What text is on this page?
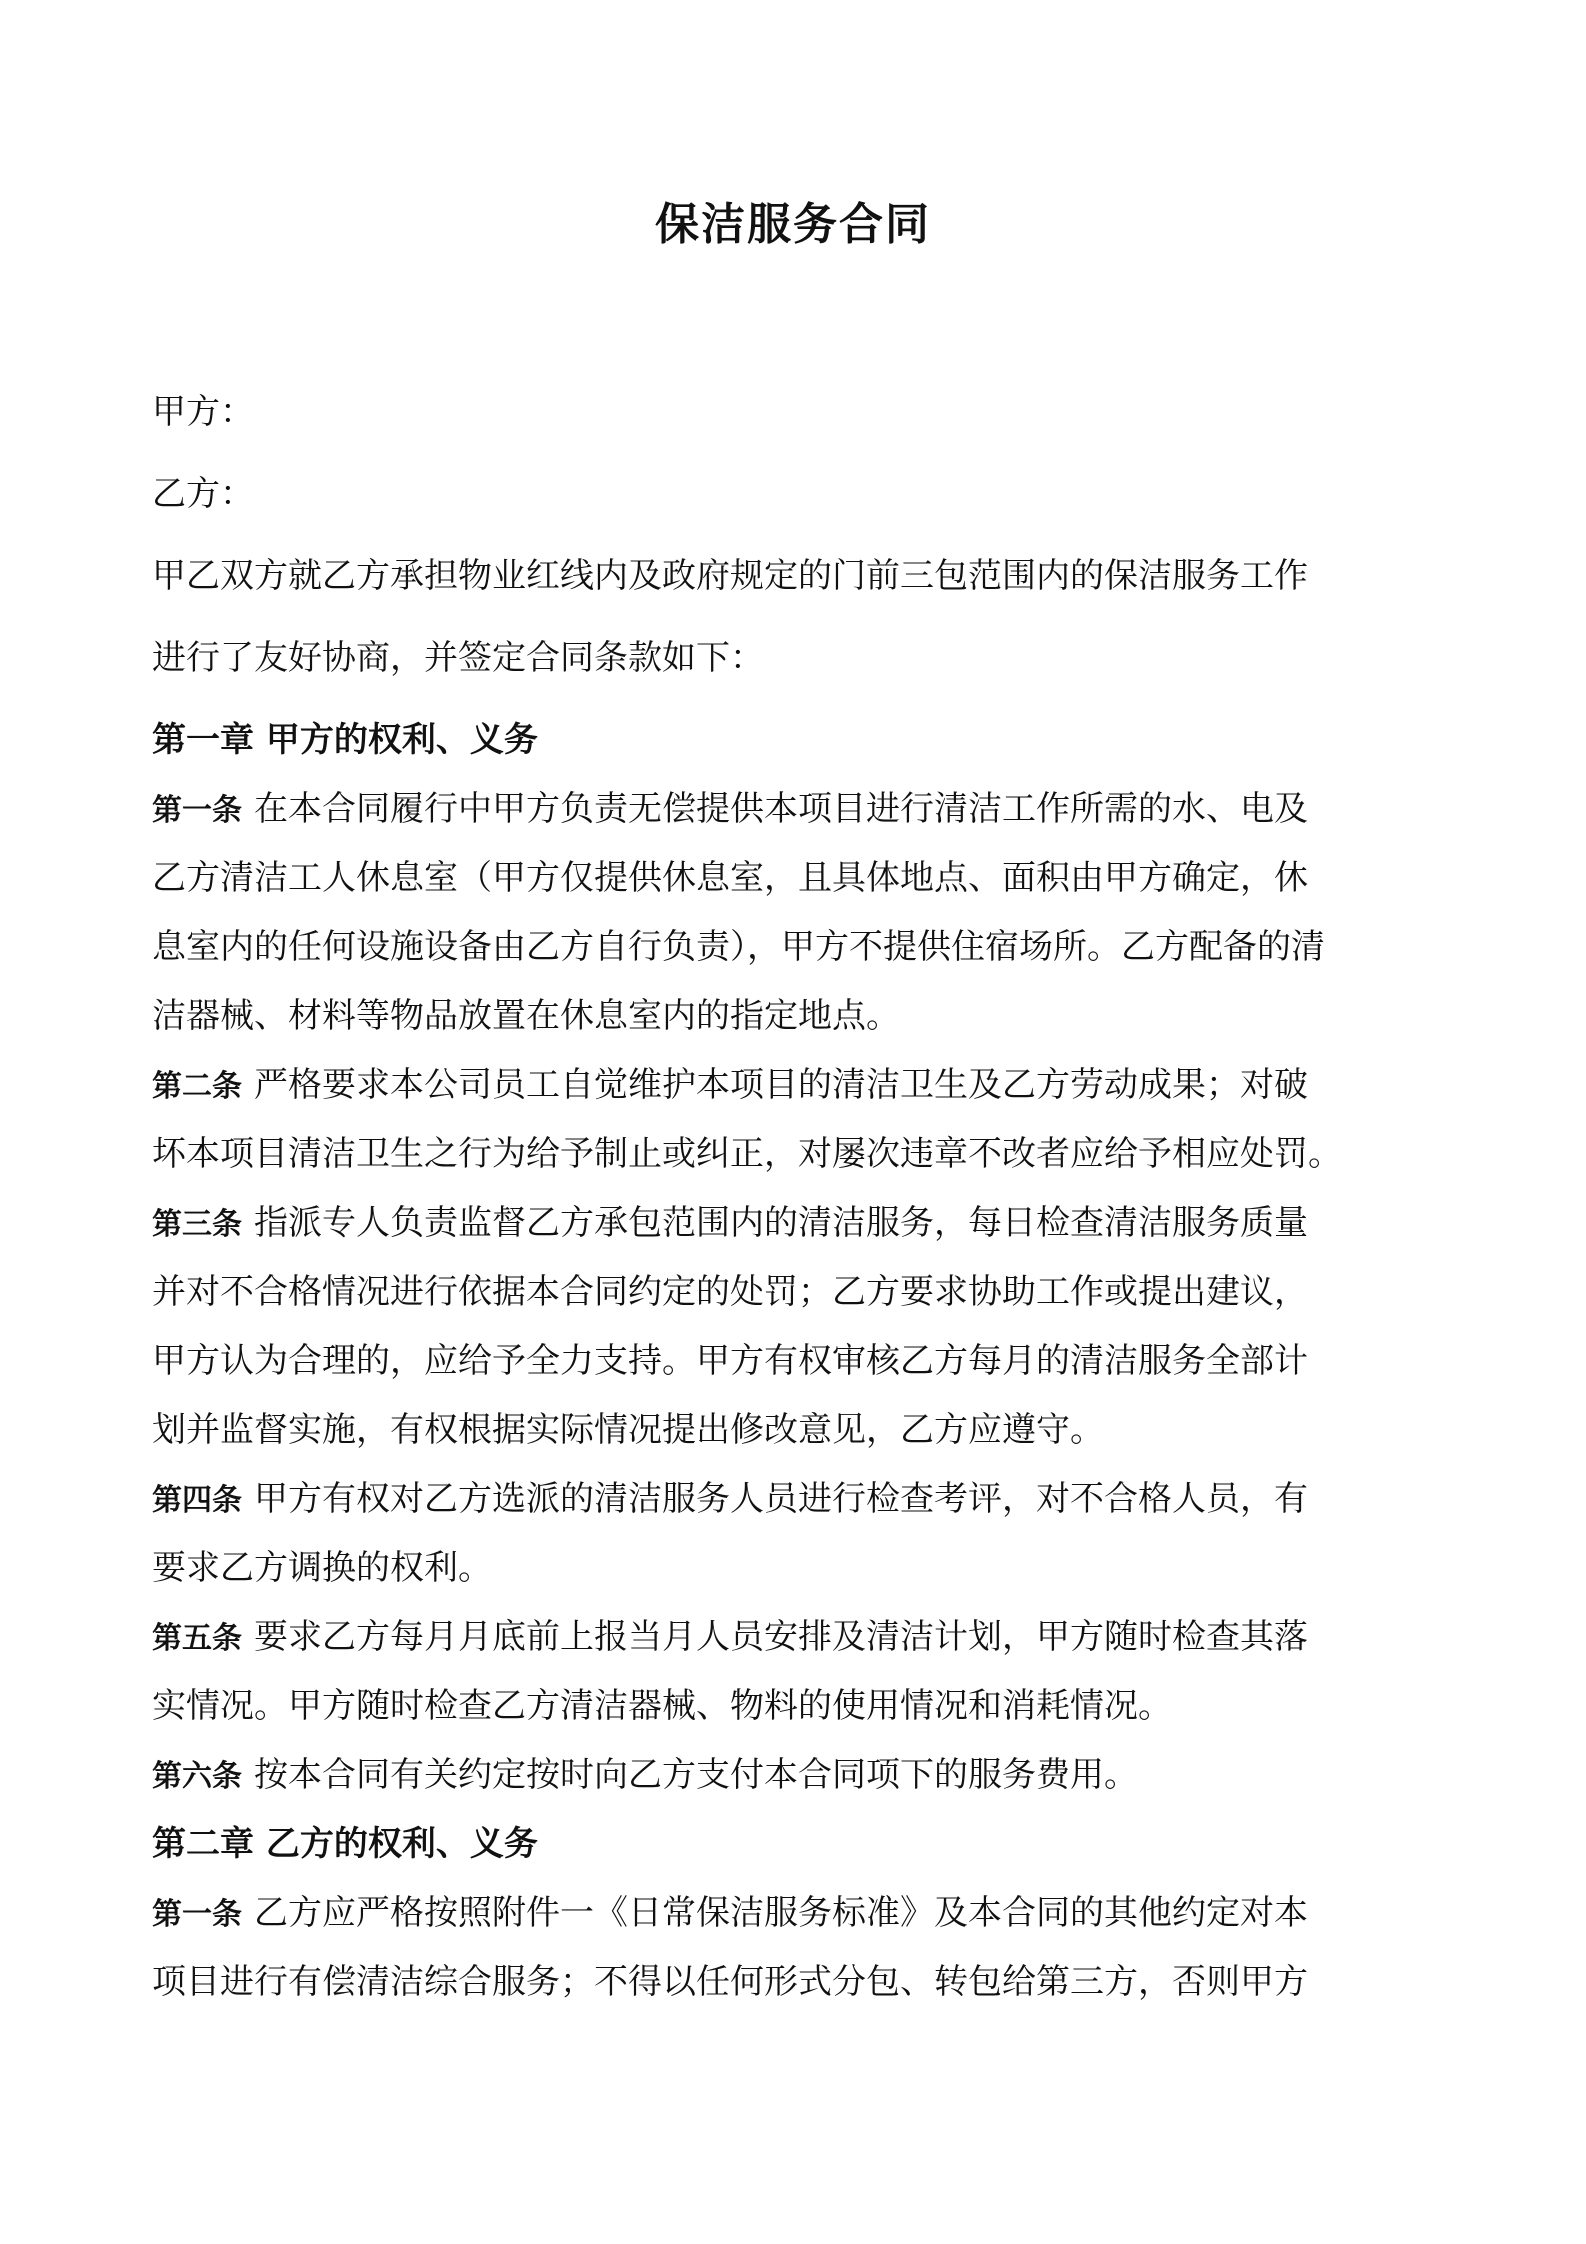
保洁服务合同
甲方：
乙方：
甲乙双方就乙方承担物业红线内及政府规定的门前三包范围内的保洁服务工作
进行了友好协商，并签定合同条款如下：
第一章 甲方的权利、义务
第一条 在本合同履行中甲方负责无偿提供本项目进行清洁工作所需的水、电及
乙方清洁工人休息室（甲方仅提供休息室，且具体地点、面积由甲方确定，休
息室内的任何设施设备由乙方自行负责），甲方不提供住宿场所。乙方配备的清
洁器械、材料等物品放置在休息室内的指定地点。
第二条 严格要求本公司员工自觉维护本项目的清洁卫生及乙方劳动成果；对破
坏本项目清洁卫生之行为给予制止或纠正，对屡次违章不改者应给予相应处罚。
第三条 指派专人负责监督乙方承包范围内的清洁服务，每日检查清洁服务质量
并对不合格情况进行依据本合同约定的处罚；乙方要求协助工作或提出建议，
甲方认为合理的，应给予全力支持。甲方有权审核乙方每月的清洁服务全部计
划并监督实施，有权根据实际情况提出修改意见，乙方应遵守。
第四条 甲方有权对乙方选派的清洁服务人员进行检查考评，对不合格人员，有
要求乙方调换的权利。
第五条 要求乙方每月月底前上报当月人员安排及清洁计划，甲方随时检查其落
实情况。甲方随时检查乙方清洁器械、物料的使用情况和消耗情况。
第六条 按本合同有关约定按时向乙方支付本合同项下的服务费用。
第二章 乙方的权利、义务
第一条 乙方应严格按照附件一《日常保洁服务标准》及本合同的其他约定对本
项目进行有偿清洁综合服务；不得以任何形式分包、转包给第三方，否则甲方
